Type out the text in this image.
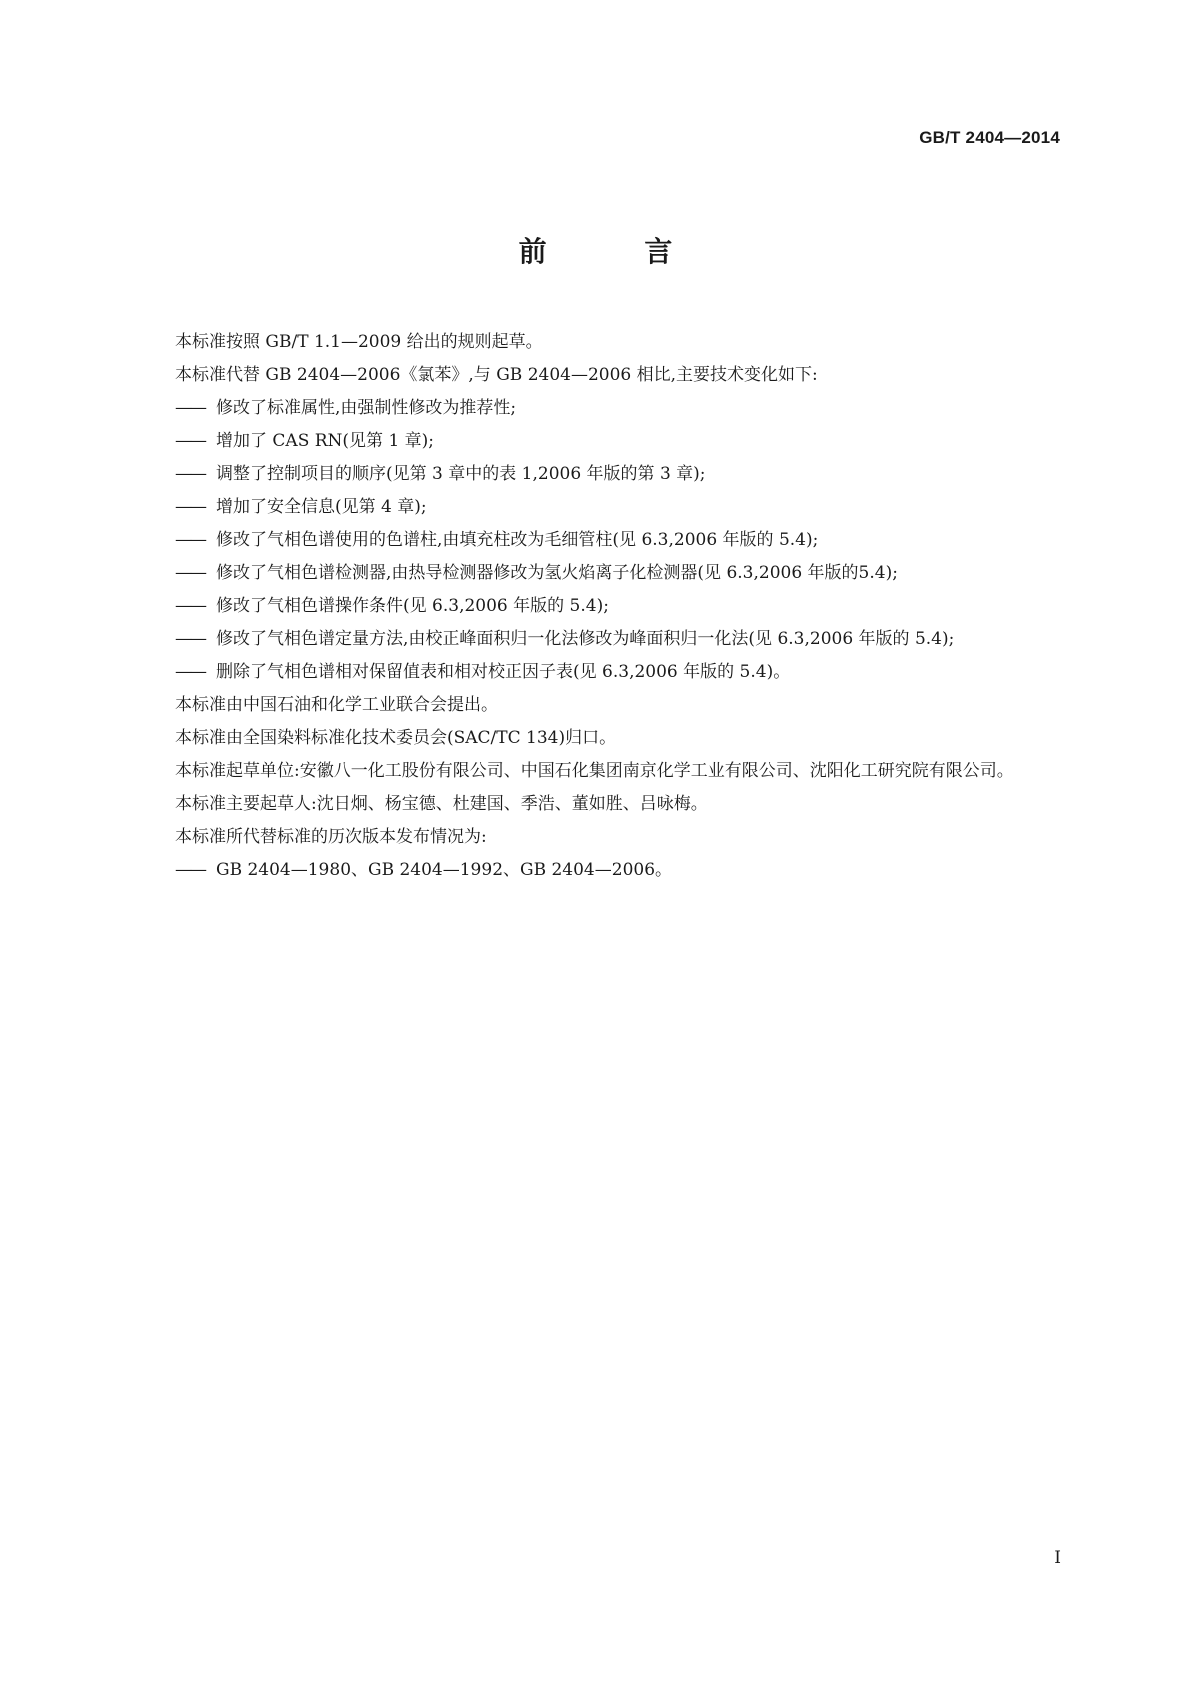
GB/T 2404—2014
前 言

本标准按照 GB/T 1.1—2009 给出的规则起草。

本标准代替 GB 2404—2006《氯苯》,与 GB 2404—2006 相比,主要技术变化如下:

—— 修改了标准属性,由强制性修改为推荐性;
—— 增加了 CAS RN(见第 1 章);
—— 调整了控制项目的顺序(见第 3 章中的表 1,2006 年版的第 3 章);
—— 增加了安全信息(见第 4 章);
—— 修改了气相色谱使用的色谱柱,由填充柱改为毛细管柱(见 6.3,2006 年版的 5.4);
—— 修改了气相色谱检测器,由热导检测器修改为氢火焰离子化检测器(见 6.3,2006 年版的5.4);
—— 修改了气相色谱操作条件(见 6.3,2006 年版的 5.4);
—— 修改了气相色谱定量方法,由校正峰面积归一化法修改为峰面积归一化法(见 6.3,2006 年版的 5.4);
—— 删除了气相色谱相对保留值表和相对校正因子表(见 6.3,2006 年版的 5.4)。

本标准由中国石油和化学工业联合会提出。

本标准由全国染料标准化技术委员会(SAC/TC 134)归口。

本标准起草单位:安徽八一化工股份有限公司、中国石化集团南京化学工业有限公司、沈阳化工研究院有限公司。

本标准主要起草人:沈日炯、杨宝德、杜建国、季浩、董如胜、吕咏梅。

本标准所代替标准的历次版本发布情况为:

—— GB 2404—1980、GB 2404—1992、GB 2404—2006。
I
